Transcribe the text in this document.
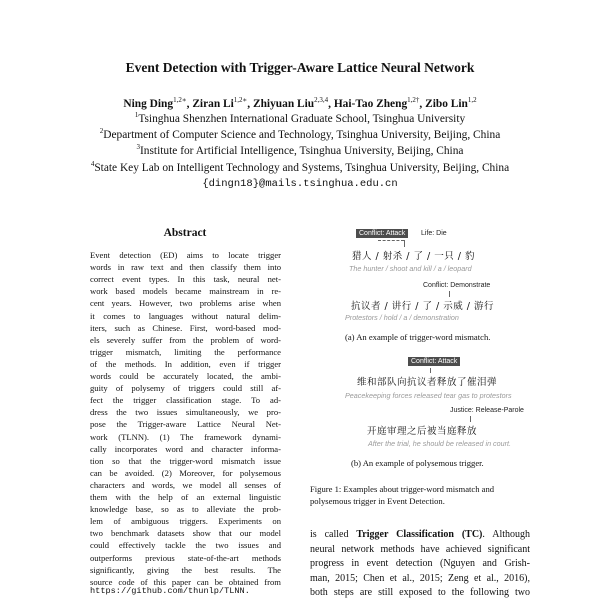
Event Detection with Trigger-Aware Lattice Neural Network
Ning Ding$^{1,2∗}$, Ziran $Li^{1,2∗}$, Zhiyuan Liu$^{2,3,4}$, Hai-Tao Zheng$^{1,2\dagger}$, Zibo Lin$^{1,2}$
$^1$Tsinghua Shenzhen International Graduate School, Tsinghua University
$^2$Department of Computer Science and Technology, Tsinghua University, Beijing, China
$^3$Institute for Artificial Intelligence, Tsinghua University, Beijing, China
$^4$State Key Lab on Intelligent Technology and Systems, Tsinghua University, Beijing, China
{dingn18}@mails.tsinghua.edu.cn
Abstract
Event detection (ED) aims to locate trigger
words in raw text and then classify them into
correct event types. In this task, neural net-
work based models became mainstream in re-
cent years. However, two problems arise when
it comes to languages without natural delim-
iters, such as Chinese. First, word-based mod-
els severely suffer from the problem of word-
trigger mismatch, limiting the performance
of the methods. In addition, even if trigger
words could be accurately located, the ambi-
guity of polysemy of triggers could still af-
fect the trigger classification stage. To ad-
dress the two issues simultaneously, we pro-
pose the Trigger-aware Lattice Neural Net-
work (TLNN). (1) The framework dynami-
cally incorporates word and character informa-
tion so that the trigger-word mismatch issue
can be avoided. (2) Moreover, for polysemous
characters and words, we model all senses of
them with the help of an external linguistic
knowledge base, so as to alleviate the prob-
lem of ambiguous triggers. Experiments on
two benchmark datasets show that our model
could effectively tackle the two issues and
outperforms previous state-of-the-art methods
significantly, giving the best results. The
source code of this paper can be obtained from
https://github.com/thunlp/TLNN.
Conflict: Attack	Life: Die
猎人 / 射杀 / 了 / 一只 / 豹
The hunter / shoot and kill / a / leopard
Conflict: Demonstrate
抗议者 / 讲行 / 了 / 示威 / 游行
Protestors / hold / a / demonstration
(a) An example of trigger-word mismatch.
Conflict: Attack
维和部队向抗议者释放了催泪弹
Peacekeeping forces released tear gas to protestors
Justice: Release-Parole
开庭审理之后被当庭释放
After the trial, he should be released in court.
(b) An example of polysemous trigger.
Figure 1: Examples about trigger-word mismatch and
polysemous trigger in Event Detection.
is called Trigger Classification (TC). Although
neural network methods have achieved significant
progress in event detection (Nguyen and Grish-
man, 2015; Chen et al., 2015; Zeng et al., 2016),
both steps are still exposed to the following two
